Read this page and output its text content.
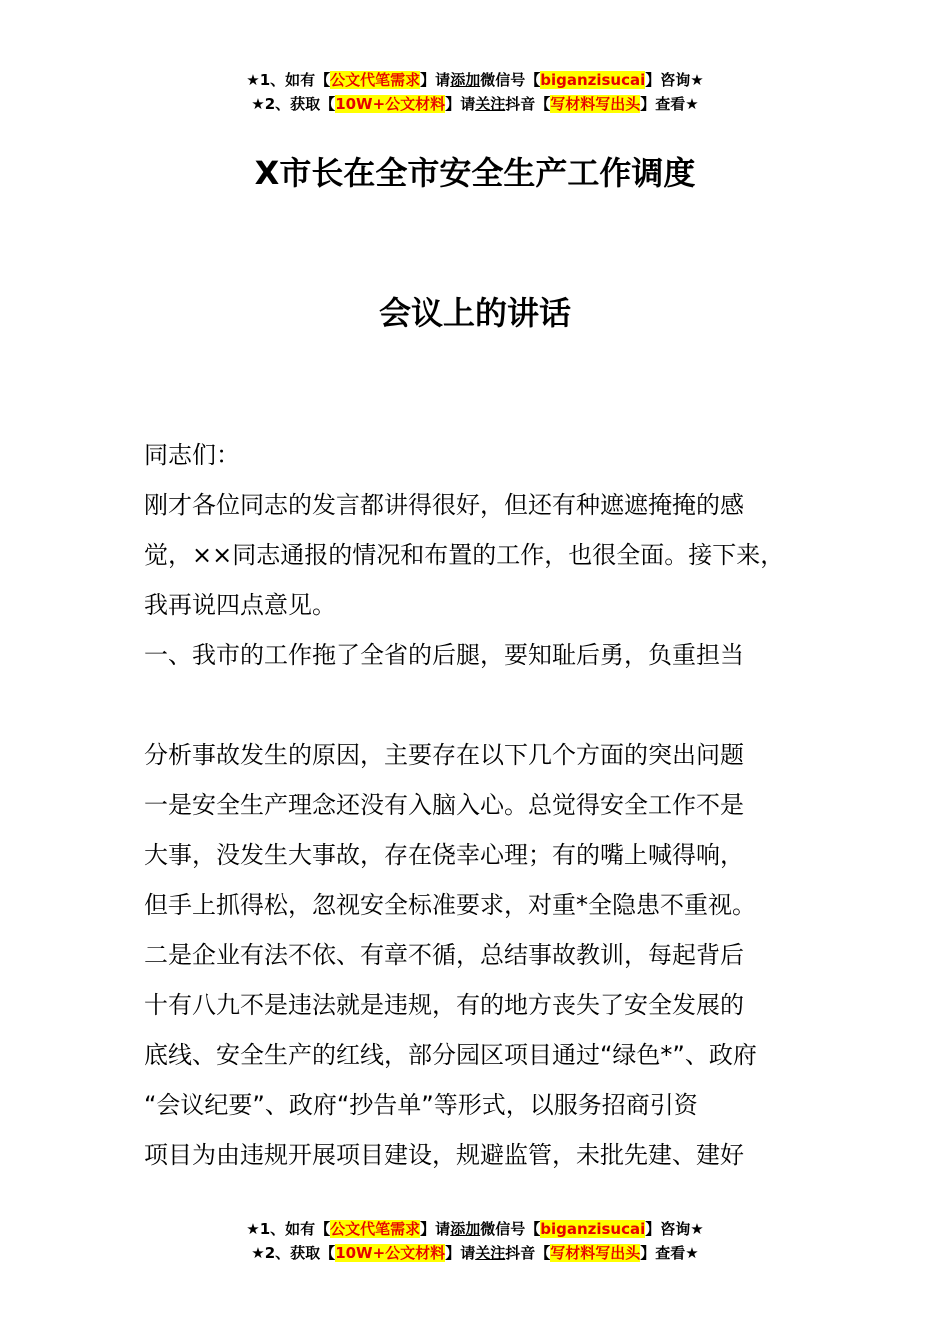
★1、如有【公文代笔需求】请添加微信号【biganzisucai】咨询★
★2、获取【10W+公文材料】请关注抖音【写材料写出头】查看★
X市长在全市安全生产工作调度
会议上的讲话
同志们：
刚才各位同志的发言都讲得很好，但还有种遮遮掩掩的感
觉，××同志通报的情况和布置的工作，也很全面。接下来，
我再说四点意见。
一、我市的工作拖了全省的后腿，要知耻后勇，负重担当
分析事故发生的原因，主要存在以下几个方面的突出问题
一是安全生产理念还没有入脑入心。总觉得安全工作不是
大事，没发生大事故，存在侥幸心理；有的嘴上喊得响，
但手上抓得松，忽视安全标准要求，对重*全隐患不重视。
二是企业有法不依、有章不循，总结事故教训，每起背后
十有八九不是违法就是违规，有的地方丧失了安全发展的
底线、安全生产的红线，部分园区项目通过“绿色*”、政府
“会议纪要”、政府“抄告单”等形式，以服务招商引资
项目为由违规开展项目建设，规避监管，未批先建、建好
★1、如有【公文代笔需求】请添加微信号【biganzisucai】咨询★
★2、获取【10W+公文材料】请关注抖音【写材料写出头】查看★
